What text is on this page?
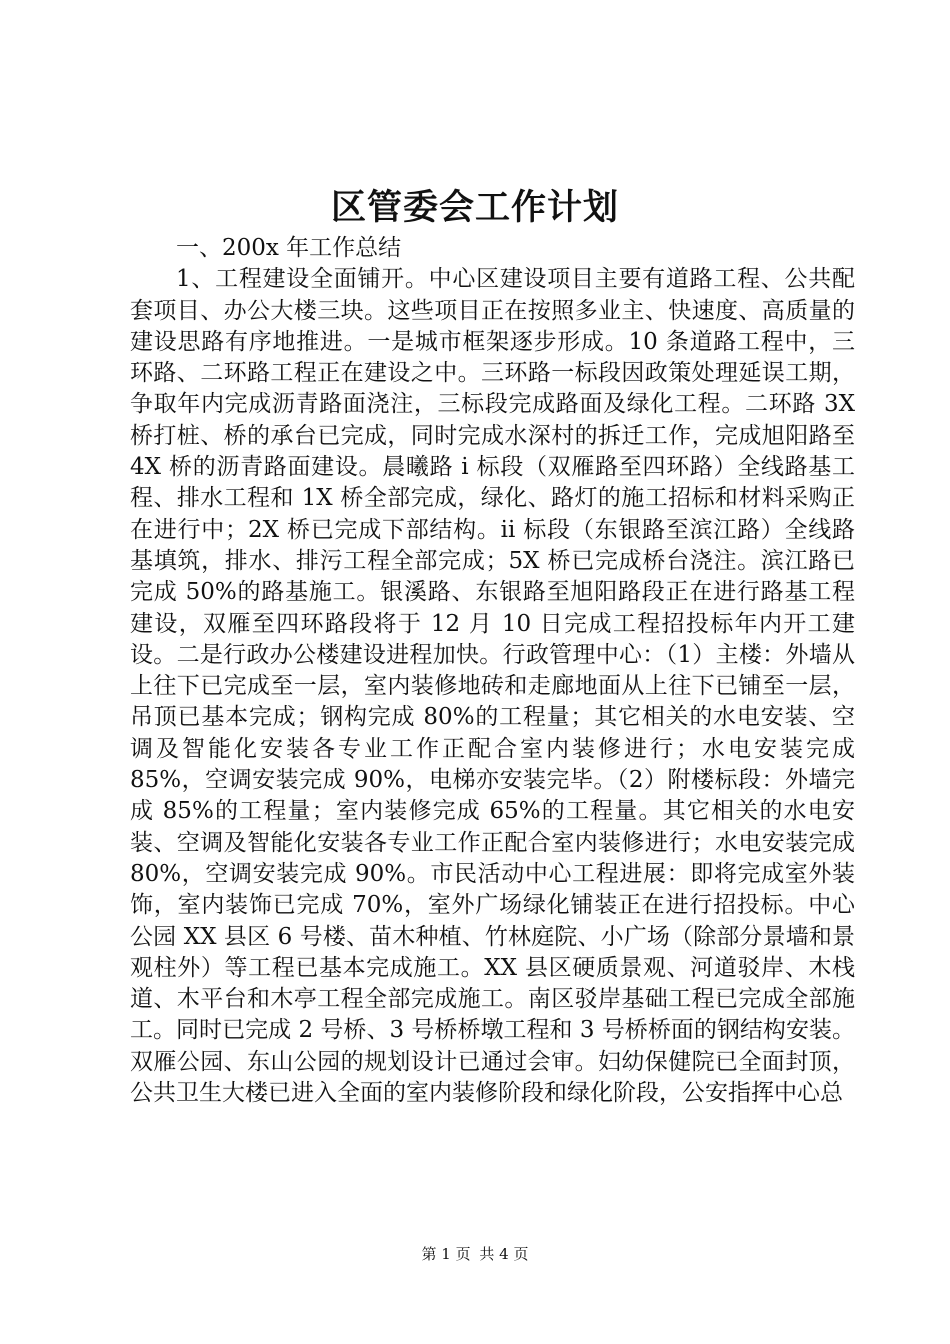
区管委会工作计划

一、200x 年工作总结

1、工程建设全面铺开。中心区建设项目主要有道路工程、公共配套项目、办公大楼三块。这些项目正在按照多业主、快速度、高质量的建设思路有序地推进。一是城市框架逐步形成。10 条道路工程中，三环路、二环路工程正在建设之中。三环路一标段因政策处理延误工期，争取年内完成沥青路面浇注，三标段完成路面及绿化工程。二环路 3X 桥打桩、桥的承台已完成，同时完成水深村的拆迁工作，完成旭阳路至 4X 桥的沥青路面建设。晨曦路 i 标段（双雁路至四环路）全线路基工程、排水工程和 1X 桥全部完成，绿化、路灯的施工招标和材料采购正在进行中；2X 桥已完成下部结构。ii 标段（东银路至滨江路）全线路基填筑，排水、排污工程全部完成；5X 桥已完成桥台浇注。滨江路已完成 50%的路基施工。银溪路、东银路至旭阳路段正在进行路基工程建设，双雁至四环路段将于 12 月 10 日完成工程招投标年内开工建设。二是行政办公楼建设进程加快。行政管理中心：（1）主楼：外墙从上往下已完成至一层，室内装修地砖和走廊地面从上往下已铺至一层，吊顶已基本完成；钢构完成 80%的工程量；其它相关的水电安装、空调及智能化安装各专业工作正配合室内装修进行；水电安装完成 85%，空调安装完成 90%，电梯亦安装完毕。（2）附楼标段：外墙完成 85%的工程量；室内装修完成 65%的工程量。其它相关的水电安装、空调及智能化安装各专业工作正配合室内装修进行；水电安装完成 80%，空调安装完成 90%。市民活动中心工程进展：即将完成室外装饰，室内装饰已完成 70%，室外广场绿化铺装正在进行招投标。中心公园 XX 县区 6 号楼、苗木种植、竹林庭院、小广场（除部分景墙和景观柱外）等工程已基本完成施工。XX 县区硬质景观、河道驳岸、木栈道、木平台和木亭工程全部完成施工。南区驳岸基础工程已完成全部施工。同时已完成 2 号桥、3 号桥桥墩工程和 3 号桥桥面的钢结构安装。双雁公园、东山公园的规划设计已通过会审。妇幼保健院已全面封顶，公共卫生大楼已进入全面的室内装修阶段和绿化阶段，公安指挥中心总

第 1 页 共 4 页
